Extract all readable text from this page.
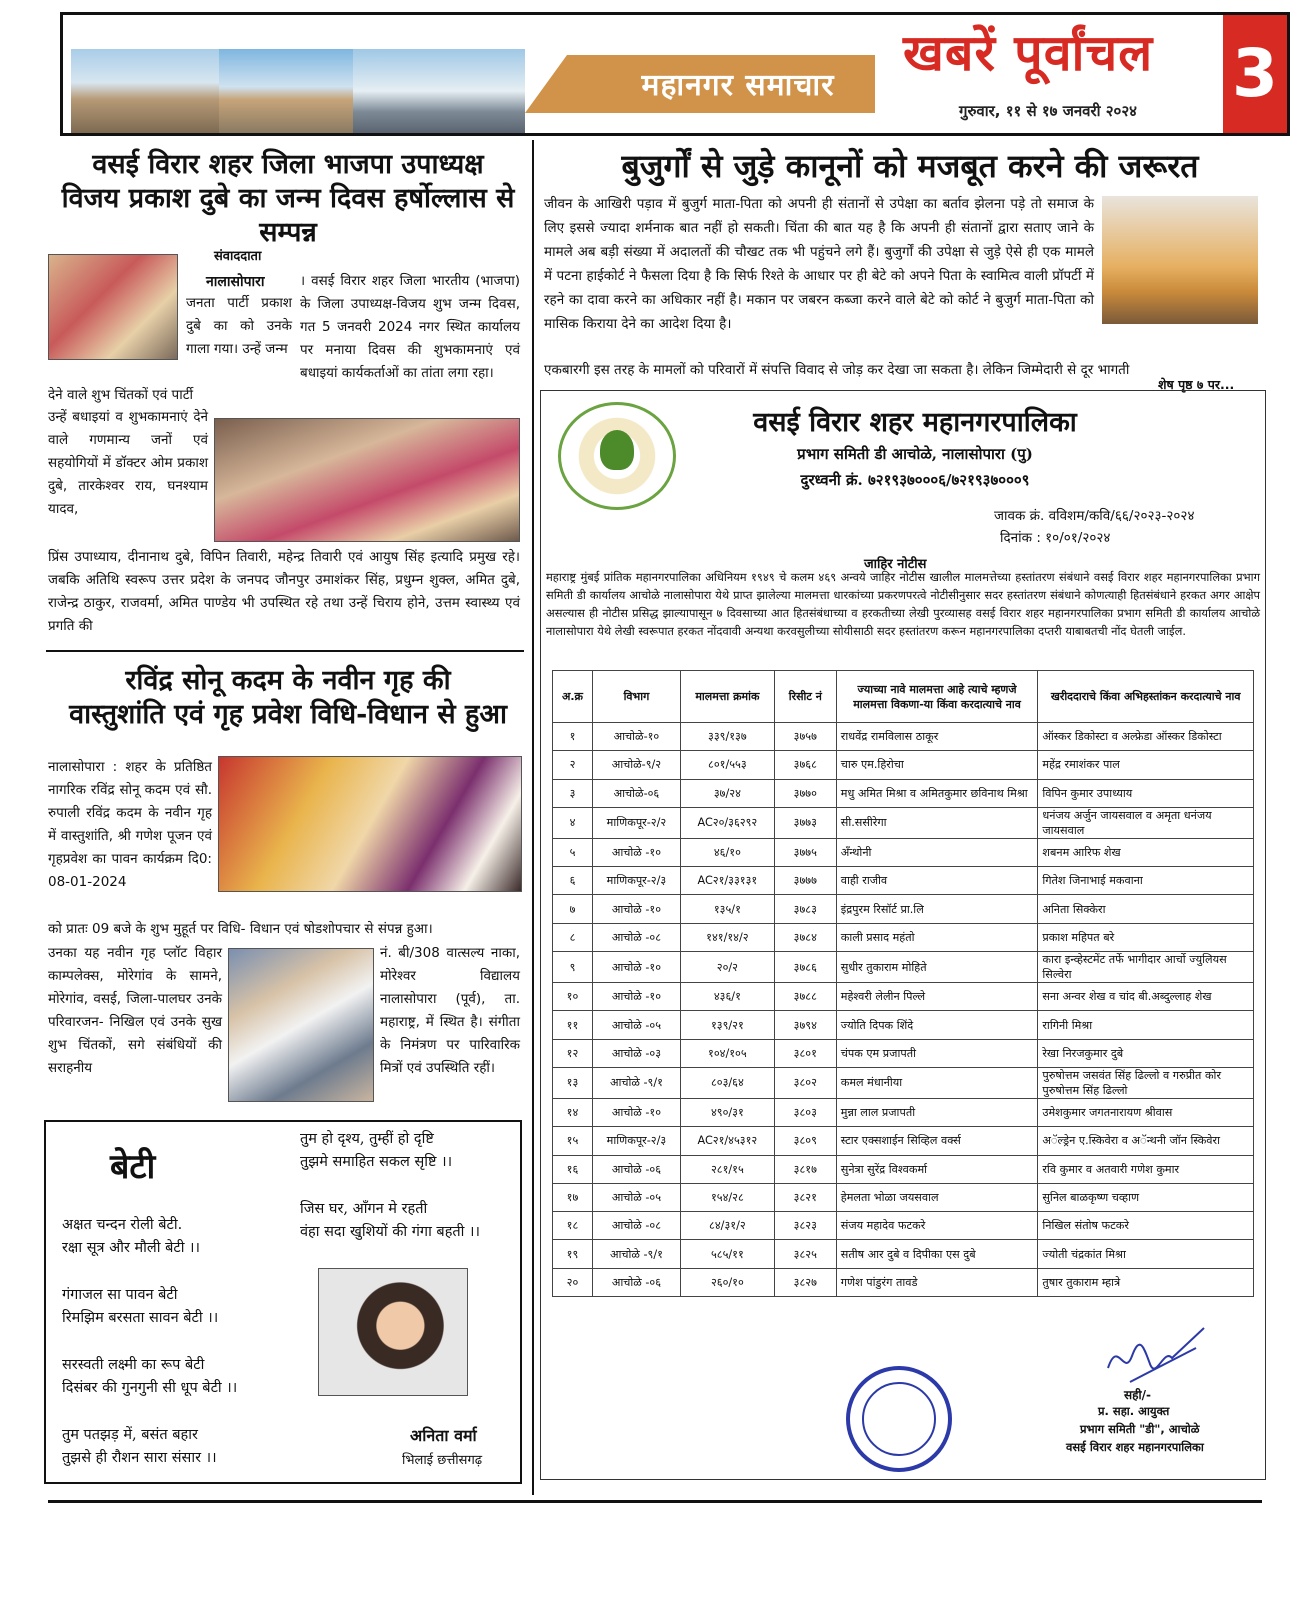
महानगर समाचार
खबरें पूर्वांचल
गुरुवार, ११ से १७ जनवरी २०२४ 3
वसई विरार शहर जिला भाजपा उपाध्यक्ष
विजय प्रकाश दुबे का जन्म दिवस हर्षोल्लास से सम्पन्न
संवाददाता
जनता पार्टी प्रकाश दुबे का को उनके गाला गया। उन्हें जन्म
नालासोपारा	। वसई विरार शहर जिला भारतीय (भाजपा) के जिला उपाध्यक्ष-विजय शुभ जन्म दिवस, गत 5 जनवरी 2024 नगर स्थित कार्यालय पर मनाया दिवस की शुभकामनाएं एवं बधाइयां कार्यकर्ताओं का तांता लगा रहा।
देने वाले शुभ चिंतकों एवं पार्टी
उन्हें बधाइयां व शुभकामनाएं देने वाले गणमान्य जनों एवं सहयोगियों में डॉक्टर ओम प्रकाश दुबे, तारकेश्वर राय, घनश्याम यादव,
प्रिंस उपाध्याय, दीनानाथ दुबे, विपिन तिवारी, महेन्द्र तिवारी एवं आयुष सिंह इत्यादि प्रमुख रहे। जबकि अतिथि स्वरूप उत्तर प्रदेश के जनपद जौनपुर उमाशंकर सिंह, प्रधुम्न शुक्ल, अमित दुबे, राजेन्द्र ठाकुर, राजवर्मा, अमित पाण्डेय भी उपस्थित रहे तथा उन्हें चिराय होने, उत्तम स्वास्थ्य एवं प्रगति की
रविंद्र सोनू कदम के नवीन गृह की
वास्तुशांति एवं गृह प्रवेश विधि-विधान से हुआ
नालासोपारा : शहर के प्रतिष्ठित नागरिक रविंद्र सोनू कदम एवं सौ. रुपाली रविंद्र कदम के नवीन गृह में वास्तुशांति, श्री गणेश पूजन एवं गृहप्रवेश का पावन कार्यक्रम दि0: 08-01-2024
को प्रातः 09 बजे के शुभ मुहूर्त पर विधि- विधान एवं षोडशोपचार से संपन्न हुआ।
उनका यह नवीन गृह प्लॉट विहार काम्पलेक्स, मोरेगांव के सामने, मोरेगांव, वसई, जिला-पालघर उनके परिवारजन- निखिल एवं उनके सुख शुभ चिंतकों, सगे संबंधियों की सराहनीय
नं. बी/308 वात्सल्य नाका, मोरेश्वर विद्यालय नालासोपारा (पूर्व), ता. महाराष्ट्र, में स्थित है। संगीता के निमंत्रण पर पारिवारिक मित्रों एवं उपस्थिति रहीं।
बेटी
अक्षत चन्दन रोली बेटी.
रक्षा सूत्र और मौली बेटी ।।
गंगाजल सा पावन बेटी
रिमझिम बरसता सावन बेटी ।।
सरस्वती लक्ष्मी का रूप बेटी
दिसंबर की गुनगुनी सी धूप बेटी ।।
तुम पतझड़ में, बसंत बहार
तुझसे ही रौशन सारा संसार ।।
तुम हो दृश्य, तुम्हीं हो दृष्टि
तुझमे समाहित सकल सृष्टि ।।
जिस घर, आँगन मे रहती
वंहा सदा खुशियों की गंगा बहती ।।
अनिता वर्मा
भिलाई छत्तीसगढ़
बुजुर्गों से जुड़े कानूनों को मजबूत करने की जरूरत
जीवन के आखिरी पड़ाव में बुजुर्ग माता-पिता को अपनी ही संतानों से उपेक्षा का बर्ताव झेलना पड़े तो समाज के लिए इससे ज्यादा शर्मनाक बात नहीं हो सकती। चिंता की बात यह है कि अपनी ही संतानों द्वारा सताए जाने के मामले अब बड़ी संख्या में अदालतों की चौखट तक भी पहुंचने लगे हैं। बुजुर्गों की उपेक्षा से जुड़े ऐसे ही एक मामले में पटना हाईकोर्ट ने फैसला दिया है कि सिर्फ रिश्ते के आधार पर ही बेटे को अपने पिता के स्वामित्व वाली प्रॉपर्टी में रहने का दावा करने का अधिकार नहीं है। मकान पर जबरन कब्जा करने वाले बेटे को कोर्ट ने बुजुर्ग माता-पिता को मासिक किराया देने का आदेश दिया है।
एकबारगी इस तरह के मामलों को परिवारों में संपत्ति विवाद से जोड़ कर देखा जा सकता है। लेकिन जिम्मेदारी से दूर भागती
शेष पृष्ठ ७ पर...
वसई विरार शहर महानगरपालिका
प्रभाग समिती डी आचोळे, नालासोपारा (पु)
दुरध्वनी क्रं. ७२१९३७०००६/७२१९३७०००९
जावक क्रं. वविशम/कवि/६६/२०२३-२०२४
दिनांक : १०/०१/२०२४
जाहिर नोटीस
महाराष्ट्र मुंबई प्रांतिक महानगरपालिका अधिनियम १९४९ चे कलम ४६९ अन्वये जाहिर नोटीस खालील मालमत्तेच्या हस्तांतरण संबंधाने वसई विरार शहर महानगरपालिका प्रभाग समिती डी कार्यालय आचोळे नालासोपारा येथे प्राप्त झालेल्या मालमत्ता धारकांच्या प्रकरणपरत्वे नोटीसीनुसार सदर हस्तांतरण संबंधाने कोणत्याही हितसंबंधाने हरकत अगर आक्षेप असल्यास ही नोटीस प्रसिद्ध झाल्यापासून ७ दिवसाच्या आत हितसंबंधाच्या व हरकतीच्या लेखी पुरव्यासह वसई विरार शहर महानगरपालिका प्रभाग समिती डी कार्यालय आचोळे नालासोपारा येथे लेखी स्वरूपात हरकत नोंदवावी अन्यथा करवसुलीच्या सोयीसाठी सदर हस्तांतरण करून महानगरपालिका दप्तरी याबाबतची नोंद घेतली जाईल.
अ.क्र	विभाग	मालमत्ता क्रमांक	रिसीट नं	ज्याच्या नावे मालमत्ता आहे त्याचे म्हणजे मालमत्ता विकणा-या किंवा करदात्याचे नाव	खरीददाराचे किंवा अभिहस्तांकन करदात्याचे नाव
१	आचोळे-१०	३३९/१३७	३७५७	राधवेंद्र रामविलास ठाकूर	ऑस्कर डिकोस्टा व अल्फ्रेडा ऑस्कर डिकोस्टा
२	आचोळे-९/२	८०१/५५३	३७६८	चारु एम.हिरोचा	महेंद्र रमाशंकर पाल
३	आचोळे-०६	३७/२४	३७७०	मधु अमित मिश्रा व अमितकुमार छविनाथ मिश्रा	विपिन कुमार उपाध्याय
४	माणिकपूर-२/२	AC२०/३६२९२	३७७३	सी.ससीरेगा	धनंजय अर्जुन जायसवाल व अमृता धनंजय जायसवाल
५	आचोळे -१०	४६/१०	३७७५	अँन्थोनी	शबनम आरिफ शेख
६	माणिकपूर-२/३	AC२१/३३१३१	३७७७	वाही राजीव	गितेश जिनाभाई मकवाना
७	आचोळे -१०	१३५/१	३७८३	इंद्रपुरम रिसॉर्ट प्रा.लि	अनिता सिक्केरा
८	आचोळे -०८	१४१/१४/२	३७८४	काली प्रसाद महंतो	प्रकाश महिपत बरे
९	आचोळे -१०	२०/२	३७८६	सुधीर तुकाराम मोहिते	कारा इन्व्हेस्टमेंट तर्फे भागीदार आर्चो ज्युलियस सिल्वेरा
१०	आचोळे -१०	४३६/१	३७८८	महेश्वरी लेलीन पिल्ले	सना अन्वर शेख व चांद बी.अब्दुल्लाह शेख
११	आचोळे -०५	१३९/२१	३७९४	ज्योति दिपक शिंदे	रागिनी मिश्रा
१२	आचोळे -०३	१०४/१०५	३८०१	चंपक एम प्रजापती	रेखा निरजकुमार दुबे
१३	आचोळे -९/१	८०३/६४	३८०२	कमल मंधानीया	पुरुषोत्तम जसवंत सिंह ढिल्लो व गरुप्रीत कोर पुरुषोत्तम सिंह ढिल्लो
१४	आचोळे -१०	४९०/३१	३८०३	मुन्ना लाल प्रजापती	उमेशकुमार जगतनारायण श्रीवास
१५	माणिकपूर-२/३	AC२१/४५३१२	३८०९	स्टार एक्सशाईन सिव्हिल वर्क्स	अॅल्ड्रेन ए.स्किवेरा व अॅन्थनी जॉन स्किवेरा
१६	आचोळे -०६	२८१/१५	३८१७	सुनेत्रा सुरेंद्र विश्वकर्मा	रवि कुमार व अतवारी गणेश कुमार
१७	आचोळे -०५	१५४/२८	३८२१	हेमलता भोळा जयसवाल	सुनिल बाळकृष्ण चव्हाण
१८	आचोळे -०८	८४/३१/२	३८२३	संजय महादेव फटकरे	निखिल संतोष फटकरे
१९	आचोळे -९/१	५८५/११	३८२५	सतीष आर दुबे व दिपीका एस दुबे	ज्योती चंद्रकांत मिश्रा
२०	आचोळे -०६	२६०/१०	३८२७	गणेश पांडुरंग तावडे	तुषार तुकाराम म्हात्रे
सही/-
प्र. सहा. आयुक्त
प्रभाग समिती "डी", आचोळे
वसई विरार शहर महानगरपालिका
